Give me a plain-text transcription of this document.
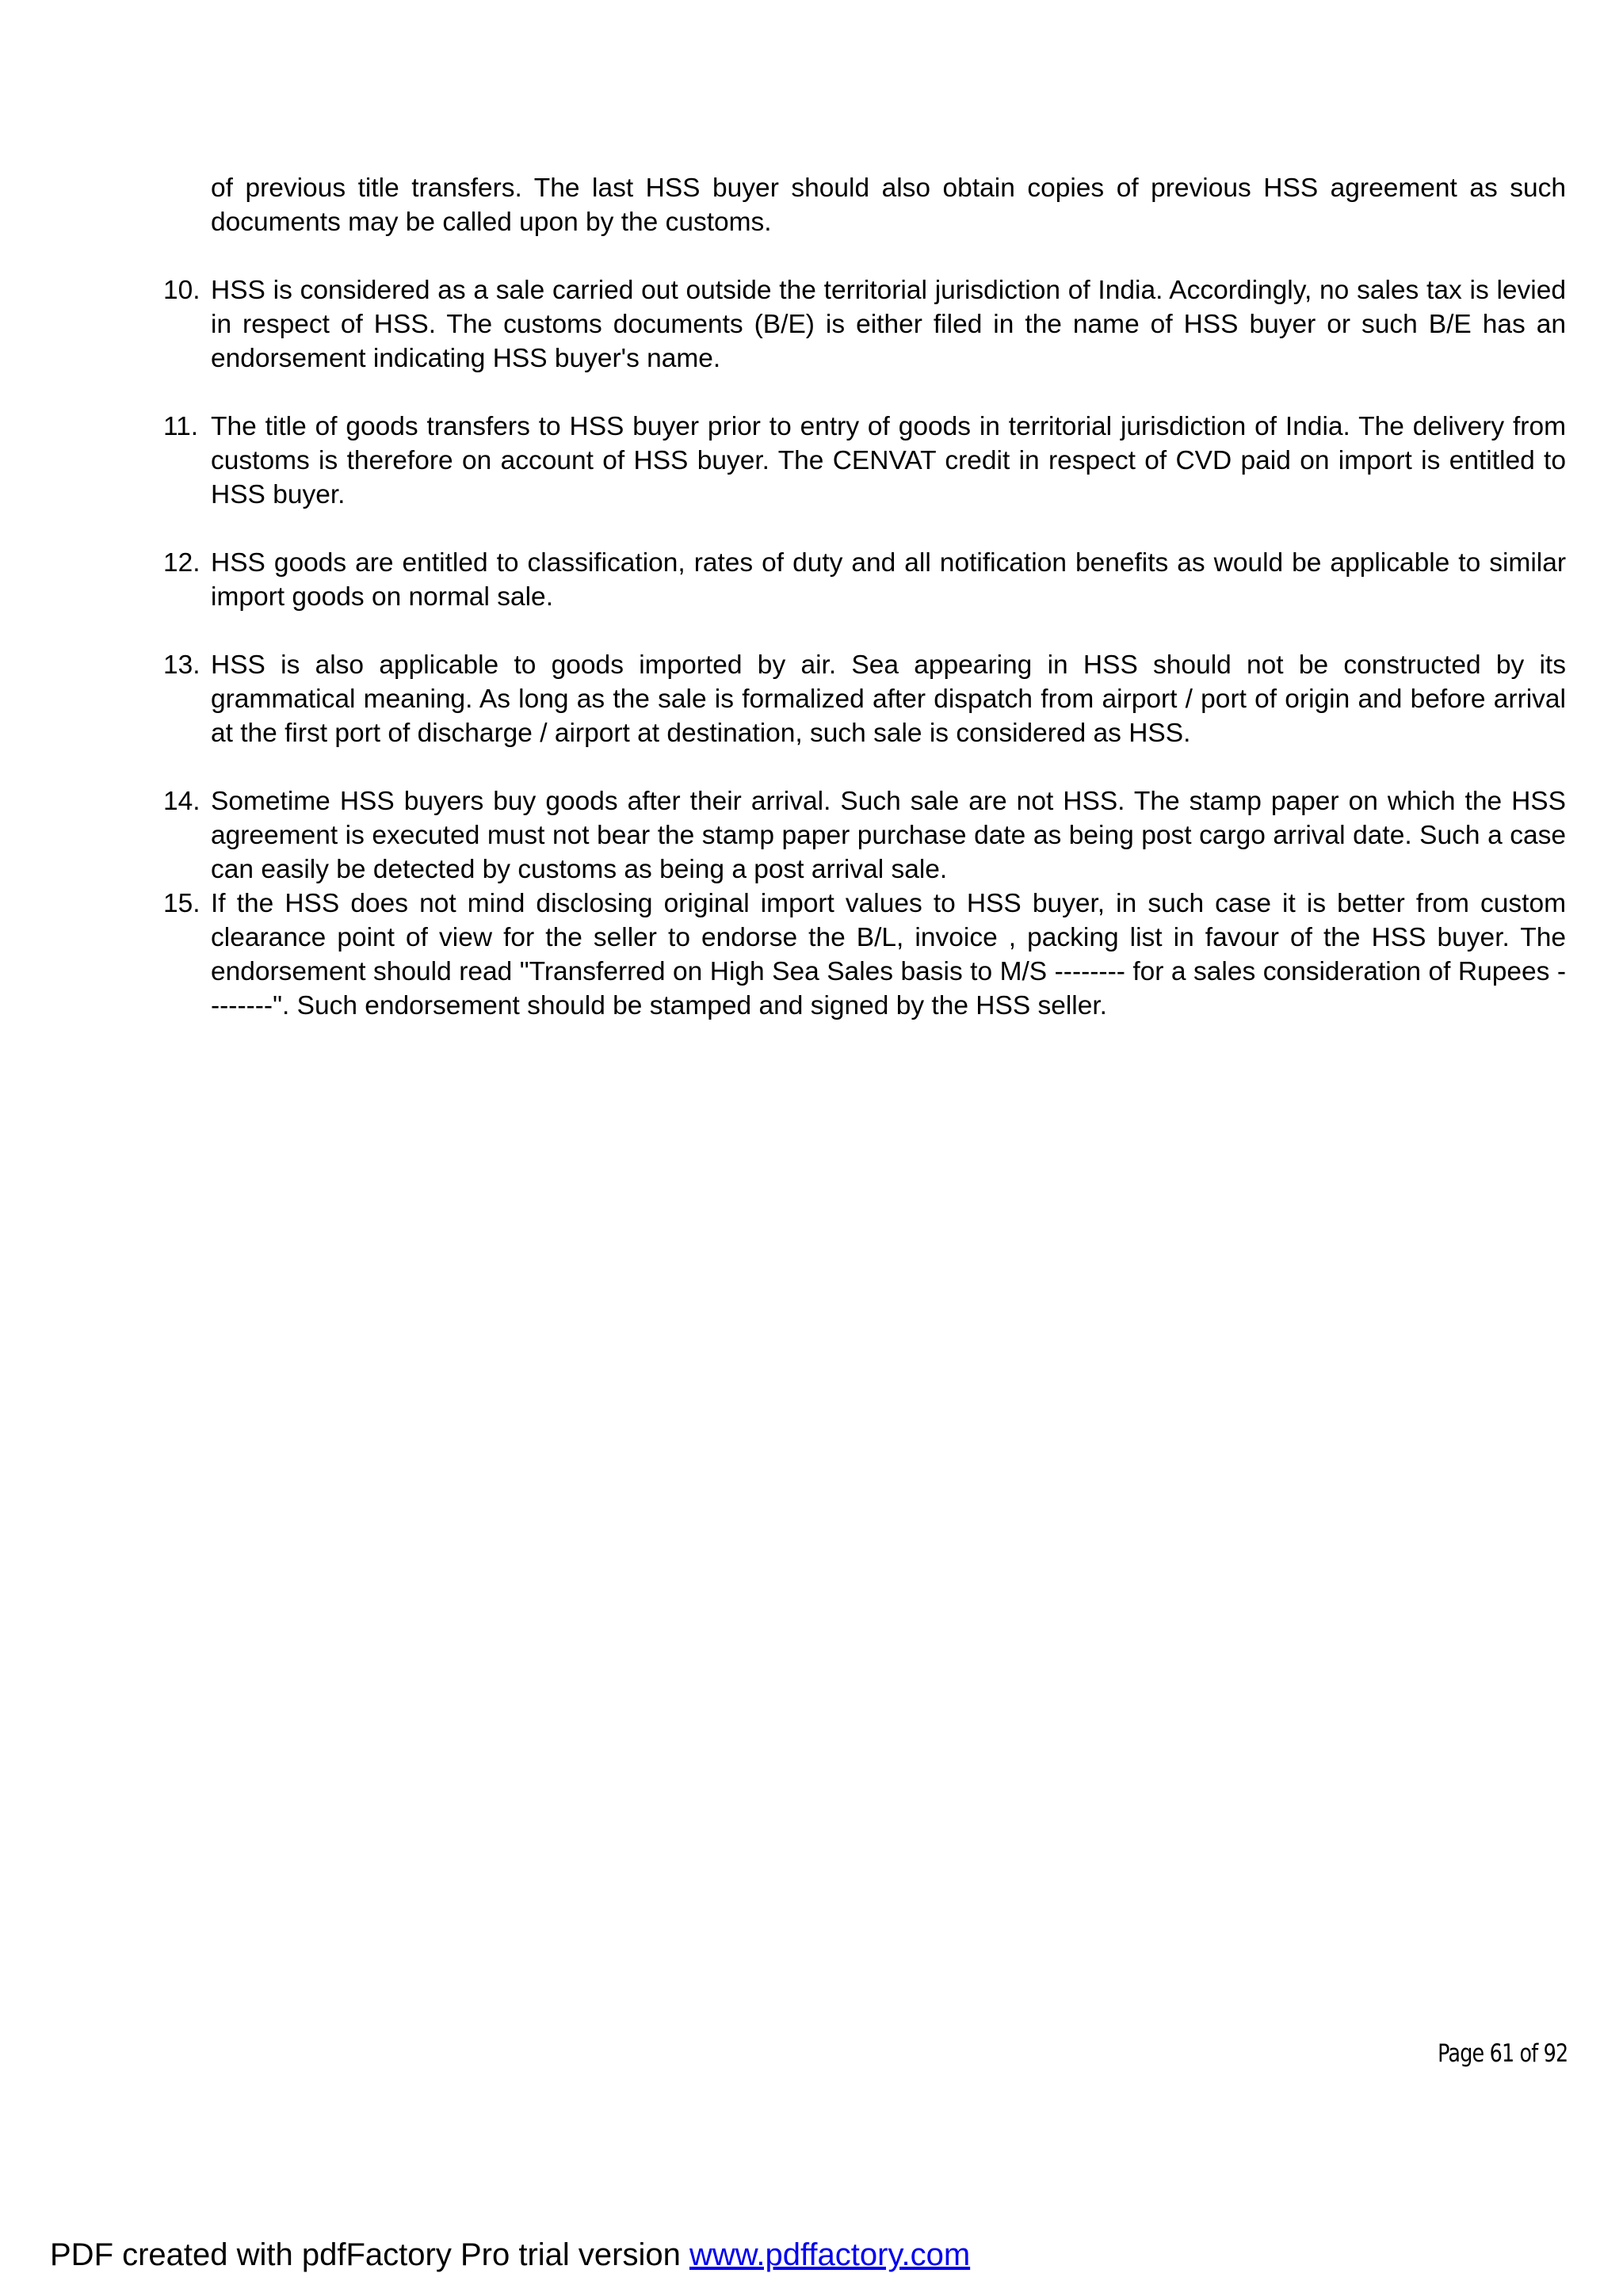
of previous title transfers. The last HSS buyer should also obtain copies of previous HSS agreement as such documents may be called upon by the customs.

10. HSS is considered as a sale carried out outside the territorial jurisdiction of India. Accordingly, no sales tax is levied in respect of HSS. The customs documents (B/E) is either filed in the name of HSS buyer or such B/E has an endorsement indicating HSS buyer's name.
11. The title of goods transfers to HSS buyer prior to entry of goods in territorial jurisdiction of India. The delivery from customs is therefore on account of HSS buyer. The CENVAT credit in respect of CVD paid on import is entitled to HSS buyer.
12. HSS goods are entitled to classification, rates of duty and all notification benefits as would be applicable to similar import goods on normal sale.
13. HSS is also applicable to goods imported by air. Sea appearing in HSS should not be constructed by its grammatical meaning. As long as the sale is formalized after dispatch from airport / port of origin and before arrival at the first port of discharge / airport at destination, such sale is considered as HSS.
14. Sometime HSS buyers buy goods after their arrival. Such sale are not HSS. The stamp paper on which the HSS agreement is executed must not bear the stamp paper purchase date as being post cargo arrival date. Such a case can easily be detected by customs as being a post arrival sale.
15. If the HSS does not mind disclosing original import values to HSS buyer, in such case it is better from custom clearance point of view for the seller to endorse the B/L, invoice , packing list in favour of the HSS buyer. The endorsement should read "Transferred on High Sea Sales basis to M/S -------- for a sales consideration of Rupees --------". Such endorsement should be stamped and signed by the HSS seller.
Page 61 of 92
PDF created with pdfFactory Pro trial version www.pdffactory.com
